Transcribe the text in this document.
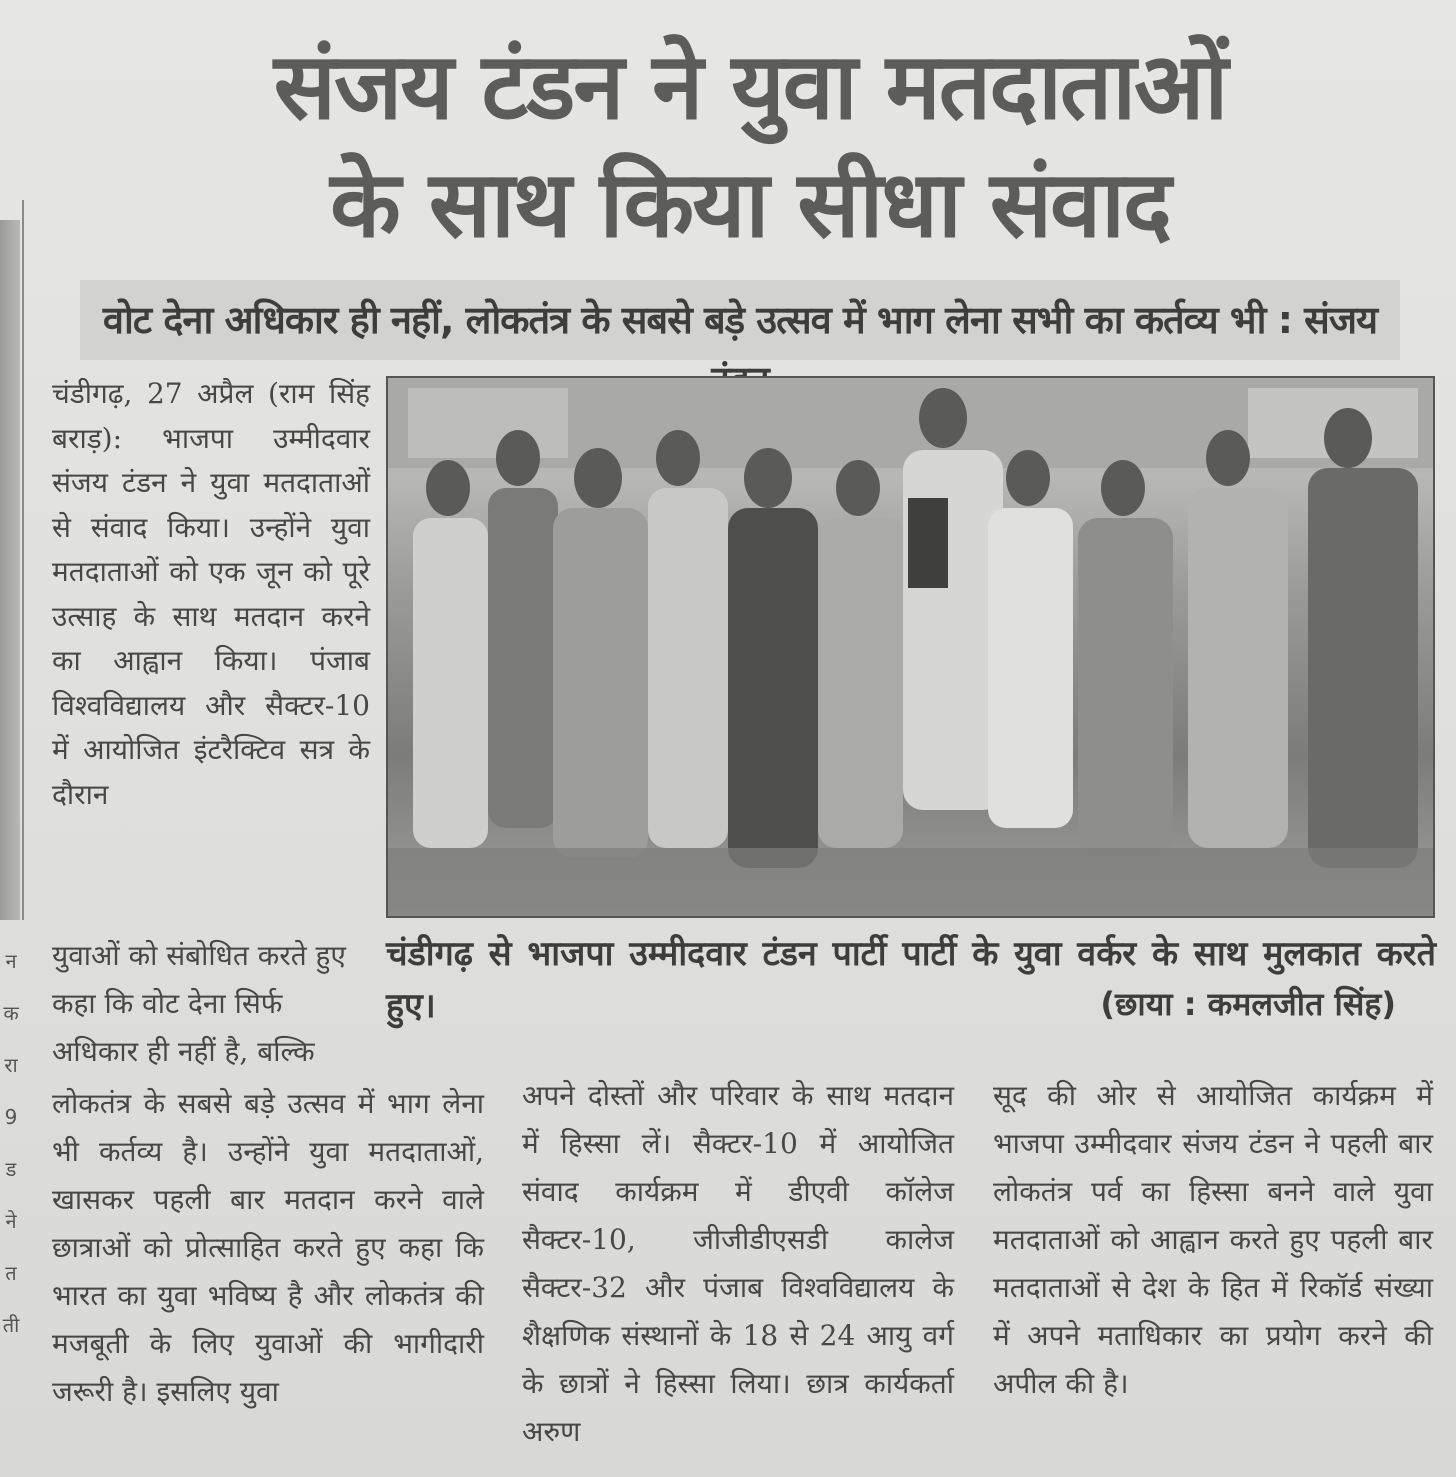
न
क
रा
9
ड
ने
त
ती
संजय टंडन ने युवा मतदाताओं
के साथ किया सीधा संवाद
वोट देना अधिकार ही नहीं, लोकतंत्र के सबसे बड़े उत्सव में भाग लेना सभी का कर्तव्य भी : संजय
चंडीगढ़, 27 अप्रैल (राम सिंह बराड़): भाजपा उम्मीदवार संजय टंडन ने युवा मतदाताओं से संवाद किया। उन्होंने युवा मतदाताओं को एक जून को पूरे उत्साह के साथ मतदान करने का आह्वान किया। पंजाब विश्वविद्यालय और सैक्टर-10 में आयोजित इंटरैक्टिव सत्र के दौरान
युवाओं को संबोधित करते हुए कहा कि वोट देना सिर्फ अधिकार ही नहीं है, बल्कि
चंडीगढ़ से भाजपा उम्मीदवार टंडन पार्टी पार्टी के युवा वर्कर के साथ मुलकात करते हुए।	(छाया : कमलजीत सिंह)
लोकतंत्र के सबसे बड़े उत्सव में भाग लेना भी कर्तव्य है। उन्होंने युवा मतदाताओं, खासकर पहली बार मतदान करने वाले छात्राओं को प्रोत्साहित करते हुए कहा कि भारत का युवा भविष्य है और लोकतंत्र की मजबूती के लिए युवाओं की भागीदारी जरूरी है। इसलिए युवा
अपने दोस्तों और परिवार के साथ मतदान में हिस्सा लें। सैक्टर-10 में आयोजित संवाद कार्यक्रम में डीएवी कॉलेज सैक्टर-10, जीजीडीएसडी कालेज सैक्टर-32 और पंजाब विश्वविद्यालय के शैक्षणिक संस्थानों के 18 से 24 आयु वर्ग के छात्रों ने हिस्सा लिया। छात्र कार्यकर्ता अरुण
सूद की ओर से आयोजित कार्यक्रम में भाजपा उम्मीदवार संजय टंडन ने पहली बार लोकतंत्र पर्व का हिस्सा बनने वाले युवा मतदाताओं को आह्वान करते हुए पहली बार मतदाताओं से देश के हित में रिकॉर्ड संख्या में अपने मताधिकार का प्रयोग करने की अपील की है।
